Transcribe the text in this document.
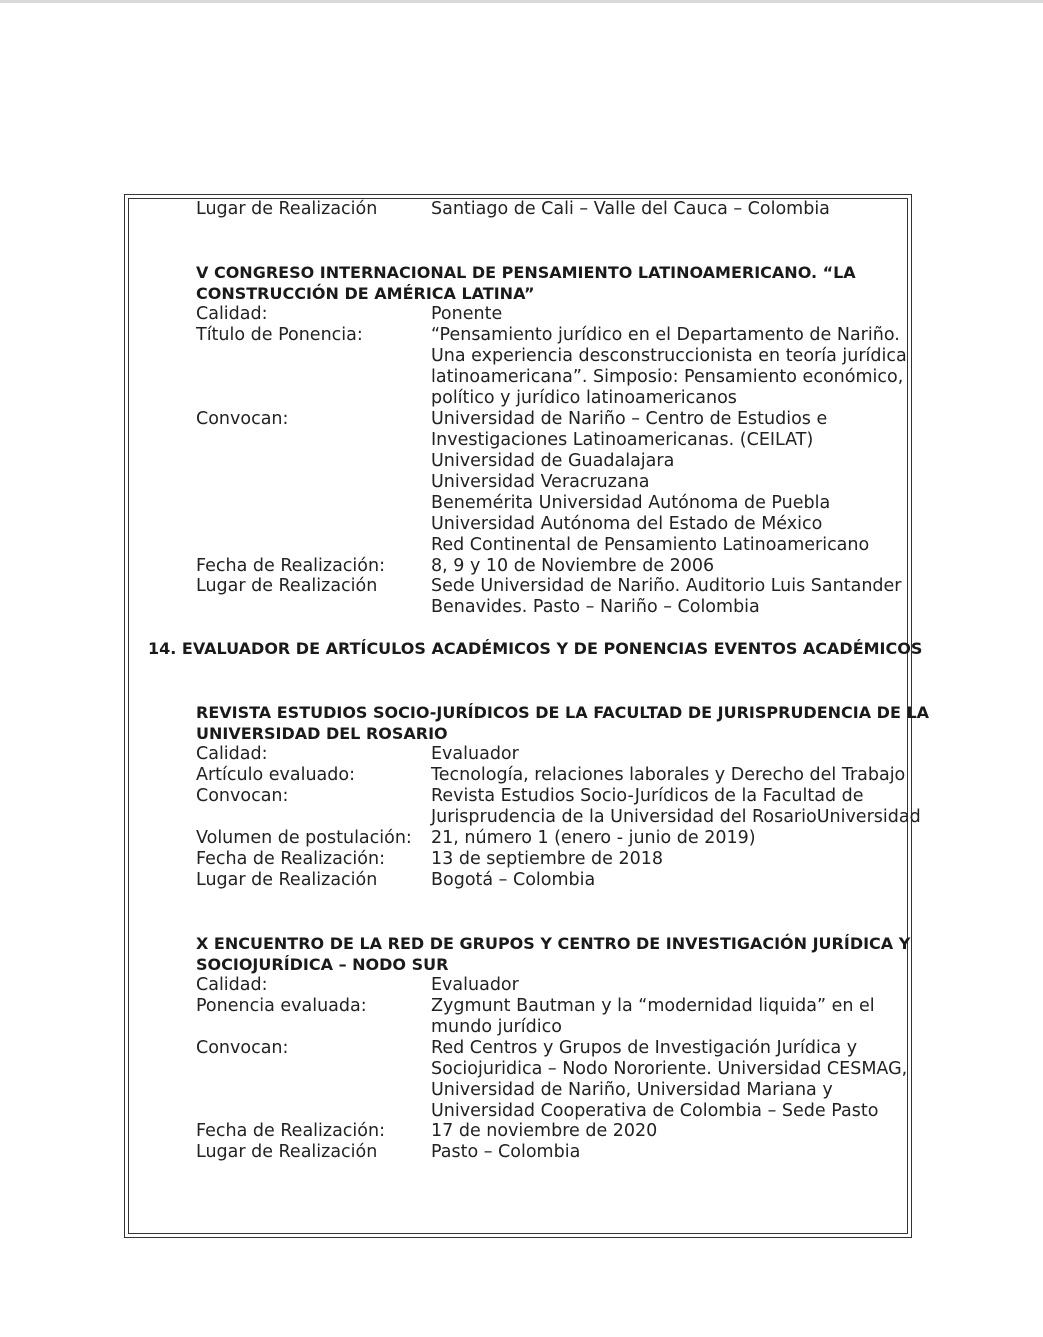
Lugar de Realización	Santiago de Cali – Valle del Cauca – Colombia
V CONGRESO INTERNACIONAL DE PENSAMIENTO LATINOAMERICANO. “LA
CONSTRUCCIÓN DE AMÉRICA LATINA”
Calidad:	Ponente
Título de Ponencia:	“Pensamiento jurídico en el Departamento de Nariño.
Una experiencia desconstruccionista en teoría jurídica
latinoamericana”. Simposio: Pensamiento económico,
político y jurídico latinoamericanos
Convocan:	Universidad de Nariño – Centro de Estudios e
Investigaciones Latinoamericanas. (CEILAT)
Universidad de Guadalajara
Universidad Veracruzana
Benemérita Universidad Autónoma de Puebla
Universidad Autónoma del Estado de México
Red Continental de Pensamiento Latinoamericano
Fecha de Realización:	8, 9 y 10 de Noviembre de 2006
Lugar de Realización	Sede Universidad de Nariño. Auditorio Luis Santander
Benavides. Pasto – Nariño – Colombia
14. EVALUADOR DE ARTÍCULOS ACADÉMICOS Y DE PONENCIAS EVENTOS ACADÉMICOS
REVISTA ESTUDIOS SOCIO-JURÍDICOS DE LA FACULTAD DE JURISPRUDENCIA DE LA
UNIVERSIDAD DEL ROSARIO
Calidad:	Evaluador
Artículo evaluado:	Tecnología, relaciones laborales y Derecho del Trabajo
Convocan:	Revista Estudios Socio-Jurídicos de la Facultad de
Jurisprudencia de la Universidad del RosarioUniversidad
Volumen de postulación: 21, número 1 (enero - junio de 2019)
Fecha de Realización:	13 de septiembre de 2018
Lugar de Realización	Bogotá – Colombia
X ENCUENTRO DE LA RED DE GRUPOS Y CENTRO DE INVESTIGACIÓN JURÍDICA Y
SOCIOJURÍDICA – NODO SUR
Calidad:	Evaluador
Ponencia evaluada:	Zygmunt Bautman y la “modernidad liquida” en el
mundo jurídico
Convocan:	Red Centros y Grupos de Investigación Jurídica y
Sociojuridica – Nodo Nororiente. Universidad CESMAG,
Universidad de Nariño, Universidad Mariana y
Universidad Cooperativa de Colombia – Sede Pasto
Fecha de Realización:	17 de noviembre de 2020
Lugar de Realización	Pasto – Colombia
